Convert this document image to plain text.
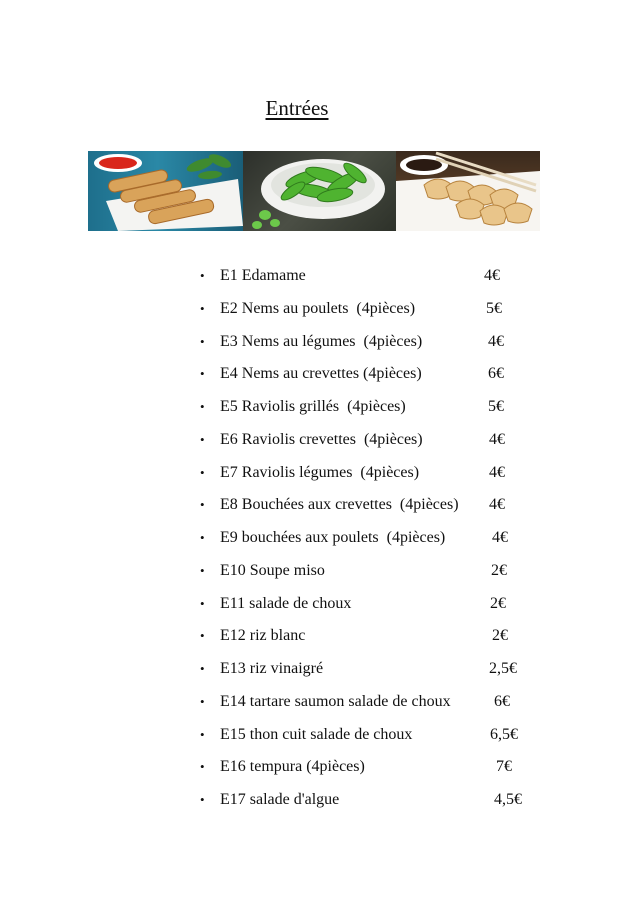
Entrées
• E1 Edamame	4€
• E2 Nems au poulets  (4pièces)	5€
• E3 Nems au légumes  (4pièces)	4€
• E4 Nems au crevettes (4pièces)	6€
• E5 Raviolis grillés  (4pièces)	5€
• E6 Raviolis crevettes  (4pièces)	4€
• E7 Raviolis légumes  (4pièces)	4€
• E8 Bouchées aux crevettes  (4pièces) 4€
• E9 bouchées aux poulets  (4pièces)	4€
• E10 Soupe miso	2€
• E11 salade de choux	2€
• E12 riz blanc	2€
• E13 riz vinaigré	2,5€
• E14 tartare saumon salade de choux	6€
• E15 thon cuit salade de choux	6,5€
• E16 tempura (4pièces)	7€
• E17 salade d'algue	4,5€
